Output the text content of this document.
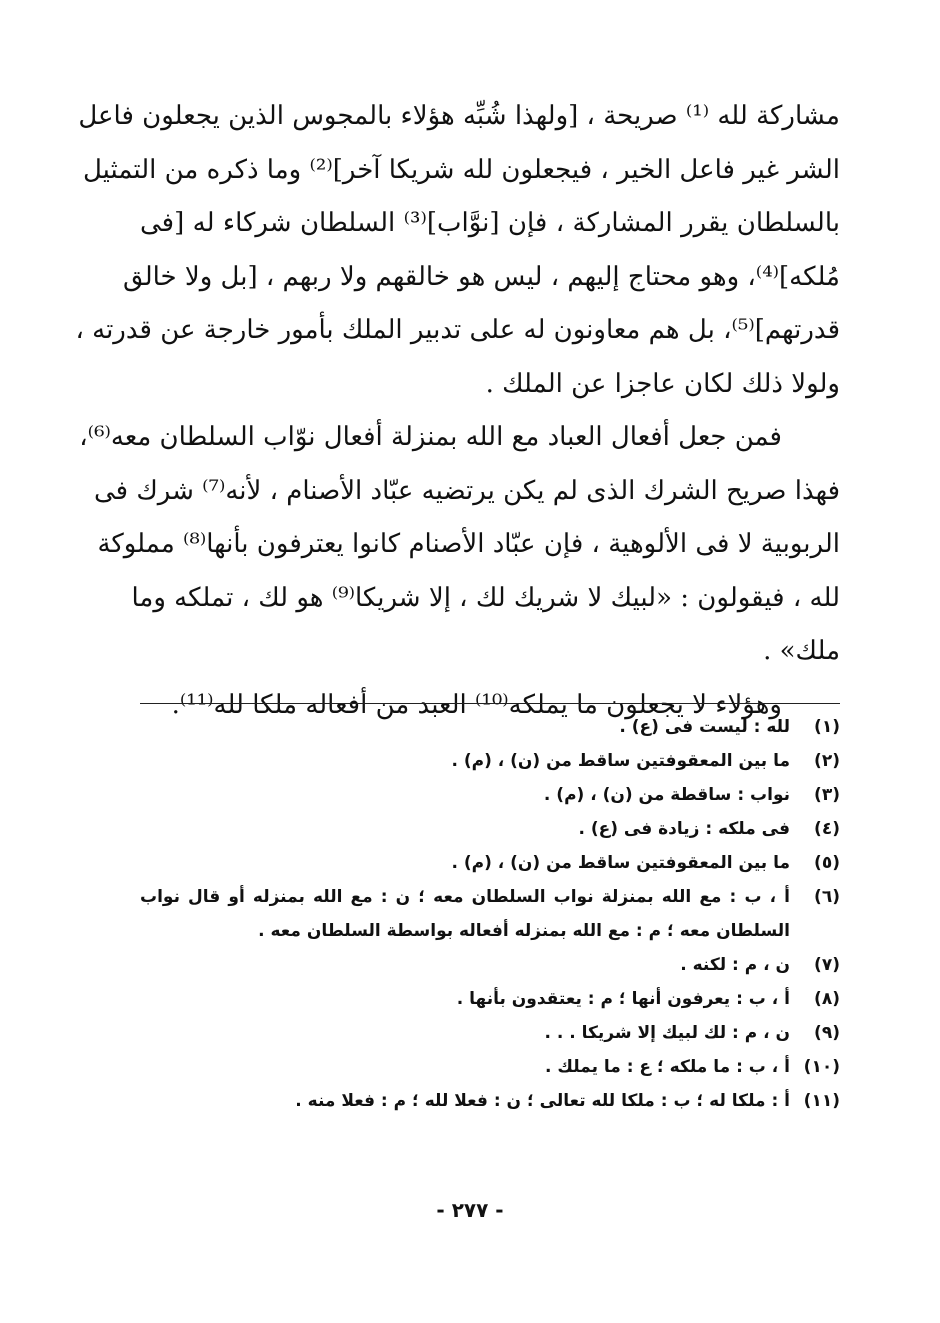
مشاركة لله ⁽¹⁾ صريحة ، [ولهذا شُبِّه هؤلاء بالمجوس الذين يجعلون فاعل
الشر غير فاعل الخير ، فيجعلون لله شريكا آخر]⁽²⁾ وما ذكره من التمثيل
بالسلطان يقرر المشاركة ، فإن [نوَّاب]⁽³⁾ السلطان شركاء له [فى
مُلكه]⁽⁴⁾، وهو محتاج إليهم ، ليس هو خالقهم ولا ربهم ، [بل ولا خالق
قدرتهم]⁽⁵⁾، بل هم معاونون له على تدبير الملك بأمور خارجة عن قدرته ،
ولولا ذلك لكان عاجزا عن الملك .
فمن جعل أفعال العباد مع الله بمنزلة أفعال نوّاب السلطان معه⁽⁶⁾،
فهذا صريح الشرك الذى لم يكن يرتضيه عبّاد الأصنام ، لأنه⁽⁷⁾ شرك فى
الربوبية لا فى الألوهية ، فإن عبّاد الأصنام كانوا يعترفون بأنها⁽⁸⁾ مملوكة
لله ، فيقولون : «لبيك لا شريك لك ، إلا شريكا⁽⁹⁾ هو لك ، تملكه وما
ملك» .
وهؤلاء لا يجعلون ما يملكه⁽¹⁰⁾ العبد من أفعاله ملكا لله⁽¹¹⁾.
(١)
لله : ليست فى (ع) .
(٢)
ما بين المعقوفتين ساقط من (ن) ، (م) .
(٣)
نواب : ساقطة من (ن) ، (م) .
(٤)
فى ملكه : زيادة فى (ع) .
(٥)
ما بين المعقوفتين ساقط من (ن) ، (م) .
(٦)
أ ، ب : مع الله بمنزلة نواب السلطان معه ؛ ن : مع الله بمنزله أو قال نواب السلطان معه ؛ م : مع الله بمنزله أفعاله بواسطة السلطان معه .
(٧)
ن ، م : لكنه .
(٨)
أ ، ب : يعرفون أنها ؛ م : يعتقدون بأنها .
(٩)
ن ، م : لك لبيك إلا شريكا . . .
(١٠)
أ ، ب : ما ملكه ؛ ع : ما يملك .
(١١)
أ : ملكا له ؛ ب : ملكا لله تعالى ؛ ن : فعلا لله ؛ م : فعلا منه .
- ٢٧٧ -
